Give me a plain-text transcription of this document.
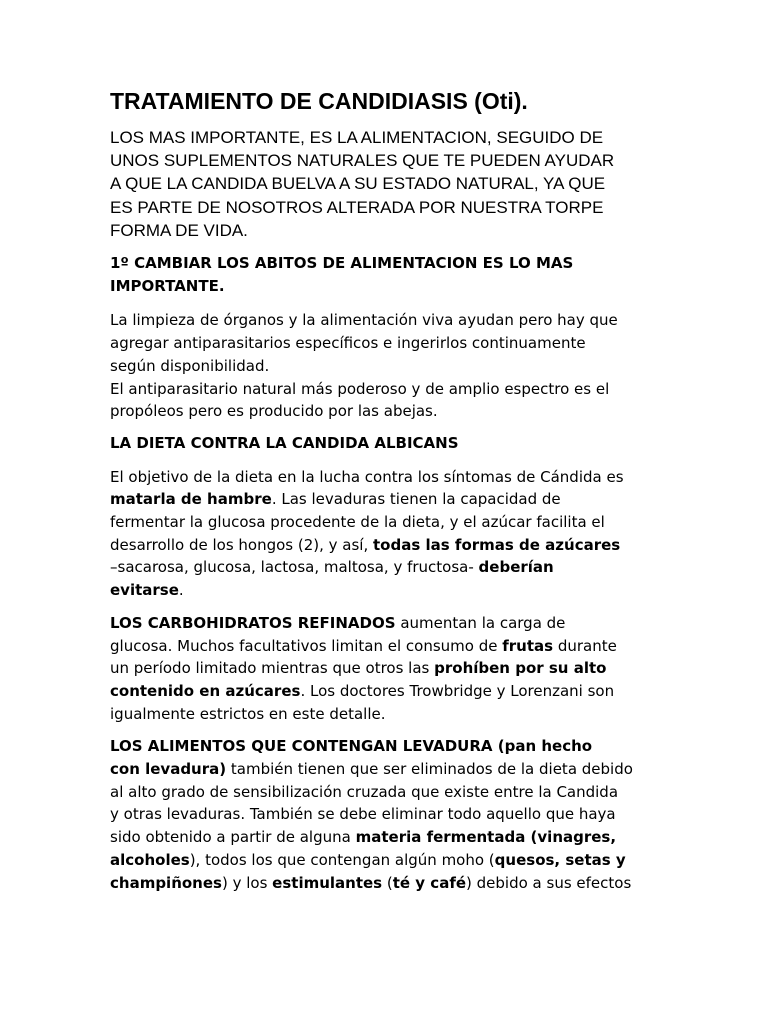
TRATAMIENTO DE CANDIDIASIS (Oti).
LOS MAS IMPORTANTE, ES LA ALIMENTACION, SEGUIDO DE
UNOS SUPLEMENTOS NATURALES QUE TE PUEDEN AYUDAR
A QUE LA CANDIDA BUELVA A SU ESTADO NATURAL, YA QUE
ES PARTE DE NOSOTROS ALTERADA POR NUESTRA TORPE
FORMA DE VIDA.
1º CAMBIAR LOS ABITOS DE ALIMENTACION ES LO MAS
IMPORTANTE.
La limpieza de órganos y la alimentación viva ayudan pero hay que
agregar antiparasitarios específicos e ingerirlos continuamente
según disponibilidad.
El antiparasitario natural más poderoso y de amplio espectro es el
propóleos pero es producido por las abejas.
LA DIETA CONTRA LA CANDIDA ALBICANS
El objetivo de la dieta en la lucha contra los síntomas de Cándida es
matarla de hambre. Las levaduras tienen la capacidad de
fermentar la glucosa procedente de la dieta, y el azúcar facilita el
desarrollo de los hongos (2), y así, todas las formas de azúcares
–sacarosa, glucosa, lactosa, maltosa, y fructosa- deberían
evitarse.
LOS CARBOHIDRATOS REFINADOS aumentan la carga de
glucosa. Muchos facultativos limitan el consumo de frutas durante
un período limitado mientras que otros las prohíben por su alto
contenido en azúcares. Los doctores Trowbridge y Lorenzani son
igualmente estrictos en este detalle.
LOS ALIMENTOS QUE CONTENGAN LEVADURA (pan hecho
con levadura) también tienen que ser eliminados de la dieta debido
al alto grado de sensibilización cruzada que existe entre la Candida
y otras levaduras. También se debe eliminar todo aquello que haya
sido obtenido a partir de alguna materia fermentada (vinagres,
alcoholes), todos los que contengan algún moho (quesos, setas y
champiñones) y los estimulantes (té y café) debido a sus efectos
